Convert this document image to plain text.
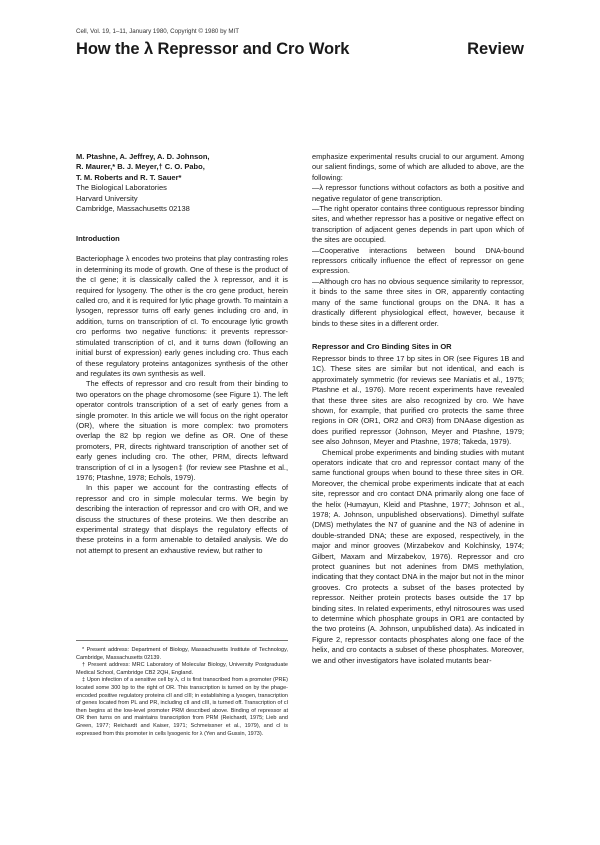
Cell, Vol. 19, 1–11, January 1980, Copyright © 1980 by MIT
How the λ Repressor and Cro Work	Review

M. Ptashne, A. Jeffrey, A. D. Johnson,

R. Maurer,* B. J. Meyer,† C. O. Pabo,

T. M. Roberts and R. T. Sauer*

The Biological Laboratories

Harvard University

Cambridge, Massachusetts 02138

Introduction

Bacteriophage λ encodes two proteins that play contrasting roles in determining its mode of growth. One of these is the product of the cI gene; it is classically called the λ repressor, and it is required for lysogeny. The other is the cro gene product, herein called cro, and it is required for lytic phage growth. To maintain a lysogen, repressor turns off early genes including cro and, in addition, turns on transcription of cI. To encourage lytic growth cro performs two negative functions: it prevents repressor-stimulated transcription of cI, and it turns down (following an initial burst of expression) early genes including cro. Thus each of these regulatory proteins antagonizes synthesis of the other and regulates its own synthesis as well.

The effects of repressor and cro result from their binding to two operators on the phage chromosome (see Figure 1). The left operator controls transcription of a set of early genes from a single promoter. In this article we will focus on the right operator (OR), where the situation is more complex: two promoters overlap the 82 bp region we define as OR. One of these promoters, PR, directs rightward transcription of another set of early genes including cro. The other, PRM, directs leftward transcription of cI in a lysogen‡ (for review see Ptashne et al., 1976; Ptashne, 1978; Echols, 1979).

In this paper we account for the contrasting effects of repressor and cro in simple molecular terms. We begin by describing the interaction of repressor and cro with OR, and we discuss the structures of these proteins. We then describe an experimental strategy that displays the regulatory effects of these proteins in a form amenable to detailed analysis. We do not attempt to present an exhaustive review, but rather to

* Present address: Department of Biology, Massachusetts Institute of Technology, Cambridge, Massachusetts 02139.

† Present address: MRC Laboratory of Molecular Biology, University Postgraduate Medical School, Cambridge CB2 2QH, England.

‡ Upon infection of a sensitive cell by λ, cI is first transcribed from a promoter (PRE) located some 300 bp to the right of OR. This transcription is turned on by the phage-encoded positive regulatory proteins cII and cIII; in establishing a lysogen, transcription of genes located from PL and PR, including cII and cIII, is turned off. Transcription of cI then begins at the low-level promoter PRM described above. Binding of repressor at OR then turns on and maintains transcription from PRM (Reichardt, 1975; Lieb and Green, 1977; Reichardt and Kaiser, 1971; Schmeissner et al., 1979), and cI is expressed from this promoter in cells lysogenic for λ (Yen and Gussin, 1973).

emphasize experimental results crucial to our argument. Among our salient findings, some of which are alluded to above, are the following:

—λ repressor functions without cofactors as both a positive and negative regulator of gene transcription.

—The right operator contains three contiguous repressor binding sites, and whether repressor has a positive or negative effect on transcription of adjacent genes depends in part upon which of the sites are occupied.

—Cooperative interactions between bound DNA-bound repressors critically influence the effect of repressor on gene expression.

—Although cro has no obvious sequence similarity to repressor, it binds to the same three sites in OR, apparently contacting many of the same functional groups on the DNA. It has a drastically different physiological effect, however, because it binds to these sites in a different order.

Repressor and Cro Binding Sites in OR

Repressor binds to three 17 bp sites in OR (see Figures 1B and 1C). These sites are similar but not identical, and each is approximately symmetric (for reviews see Maniatis et al., 1975; Ptashne et al., 1976). More recent experiments have revealed that these three sites are also recognized by cro. We have shown, for example, that purified cro protects the same three regions in OR (OR1, OR2 and OR3) from DNAase digestion as does purified repressor (Johnson, Meyer and Ptashne, 1979; see also Johnson, Meyer and Ptashne, 1978; Takeda, 1979).

Chemical probe experiments and binding studies with mutant operators indicate that cro and repressor contact many of the same functional groups when bound to these three sites in OR. Moreover, the chemical probe experiments indicate that at each site, repressor and cro contact DNA primarily along one face of the helix (Humayun, Kleid and Ptashne, 1977; Johnson et al., 1978; A. Johnson, unpublished observations). Dimethyl sulfate (DMS) methylates the N7 of guanine and the N3 of adenine in double-stranded DNA; these are exposed, respectively, in the major and minor grooves (Mirzabekov and Kolchinsky, 1974; Gilbert, Maxam and Mirzabekov, 1976). Repressor and cro protect guanines but not adenines from DMS methylation, indicating that they contact DNA in the major but not in the minor grooves. Cro protects a subset of the bases protected by repressor. Neither protein protects bases outside the 17 bp binding sites. In related experiments, ethyl nitrosoures was used to determine which phosphate groups in OR1 are contacted by the two proteins (A. Johnson, unpublished data). As indicated in Figure 2, repressor contacts phosphates along one face of the helix, and cro contacts a subset of these phosphates. Moreover, we and other investigators have isolated mutants bear-
